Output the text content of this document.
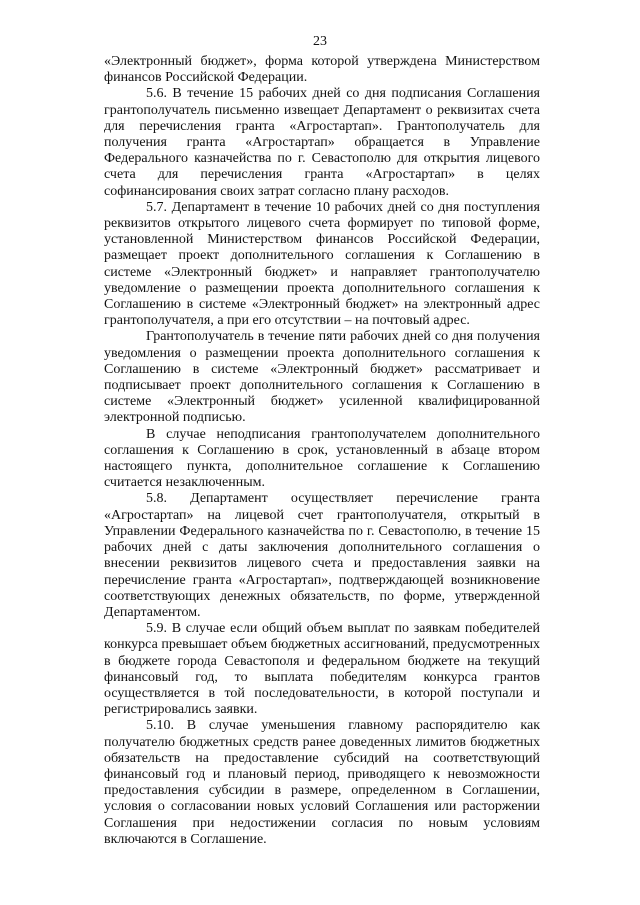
23

«Электронный бюджет», форма которой утверждена Министерством финансов Российской Федерации.

5.6. В течение 15 рабочих дней со дня подписания Соглашения грантополучатель письменно извещает Департамент о реквизитах счета для перечисления гранта «Агростартап». Грантополучатель для получения гранта «Агростартап» обращается в Управление Федерального казначейства по г. Севастополю для открытия лицевого счета для перечисления гранта «Агростартап» в целях софинансирования своих затрат согласно плану расходов.

5.7. Департамент в течение 10 рабочих дней со дня поступления реквизитов открытого лицевого счета формирует по типовой форме, установленной Министерством финансов Российской Федерации, размещает проект дополнительного соглашения к Соглашению в системе «Электронный бюджет» и направляет грантополучателю уведомление о размещении проекта дополнительного соглашения к Соглашению в системе «Электронный бюджет» на электронный адрес грантополучателя, а при его отсутствии – на почтовый адрес.

Грантополучатель в течение пяти рабочих дней со дня получения уведомления о размещении проекта дополнительного соглашения к Соглашению в системе «Электронный бюджет» рассматривает и подписывает проект дополнительного соглашения к Соглашению в системе «Электронный бюджет» усиленной квалифицированной электронной подписью.

В случае неподписания грантополучателем дополнительного соглашения к Соглашению в срок, установленный в абзаце втором настоящего пункта, дополнительное соглашение к Соглашению считается незаключенным.

5.8. Департамент осуществляет перечисление гранта «Агростартап» на лицевой счет грантополучателя, открытый в Управлении Федерального казначейства по г. Севастополю, в течение 15 рабочих дней с даты заключения дополнительного соглашения о внесении реквизитов лицевого счета и предоставления заявки на перечисление гранта «Агростартап», подтверждающей возникновение соответствующих денежных обязательств, по форме, утвержденной Департаментом.

5.9. В случае если общий объем выплат по заявкам победителей конкурса превышает объем бюджетных ассигнований, предусмотренных в бюджете города Севастополя и федеральном бюджете на текущий финансовый год, то выплата победителям конкурса грантов осуществляется в той последовательности, в которой поступали и регистрировались заявки.

5.10. В случае уменьшения главному распорядителю как получателю бюджетных средств ранее доведенных лимитов бюджетных обязательств на предоставление субсидий на соответствующий финансовый год и плановый период, приводящего к невозможности предоставления субсидии в размере, определенном в Соглашении, условия о согласовании новых условий Соглашения или расторжении Соглашения при недостижении согласия по новым условиям включаются в Соглашение.
